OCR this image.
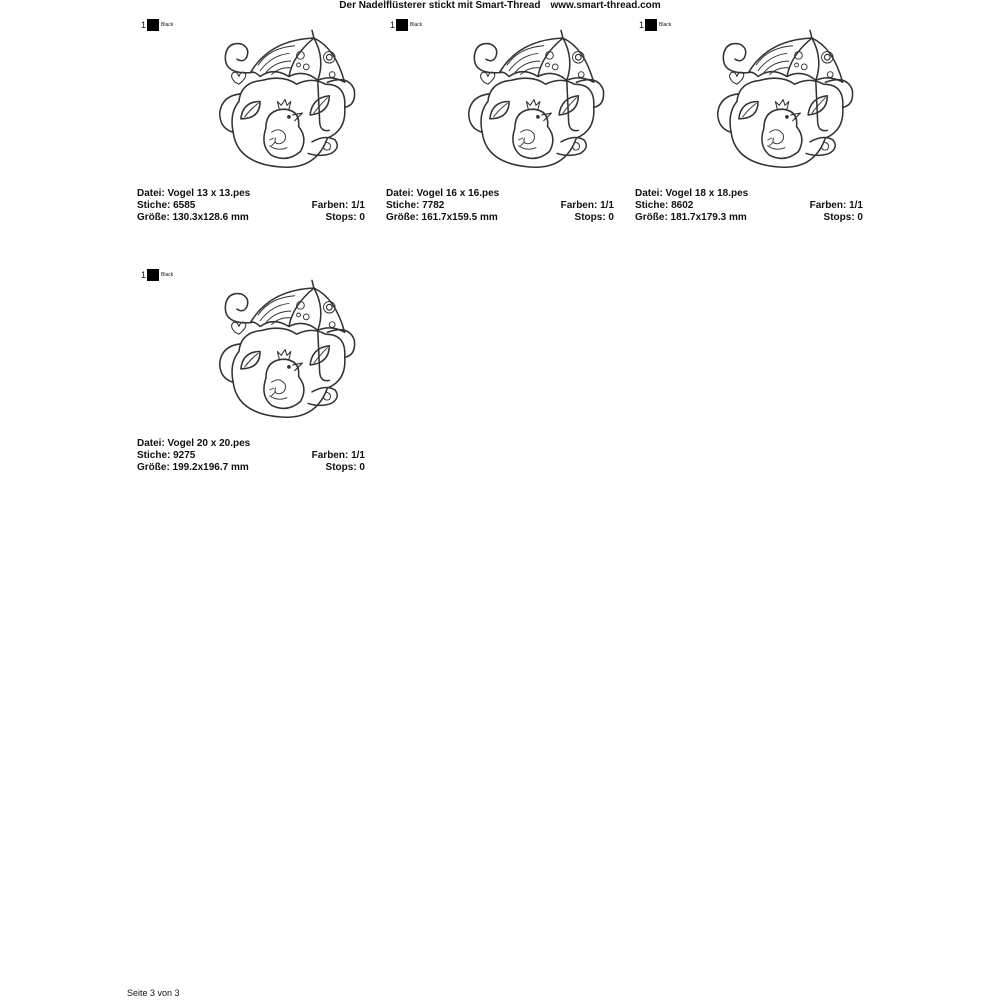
Der Nadelflüsterer stickt mit Smart-Thread www.smart-thread.com
1	Black
Datei: Vogel 13 x 13.pes
Stiche: 6585	Farben: 1/1
Größe: 130.3x128.6 mm	Stops: 0
1	Black
Datei: Vogel 16 x 16.pes
Stiche: 7782	Farben: 1/1
Größe: 161.7x159.5 mm	Stops: 0
1	Black
Datei: Vogel 18 x 18.pes
Stiche: 8602	Farben: 1/1
Größe: 181.7x179.3 mm	Stops: 0
1	Black
Datei: Vogel 20 x 20.pes
Stiche: 9275	Farben: 1/1
Größe: 199.2x196.7 mm	Stops: 0
Seite 3 von 3
